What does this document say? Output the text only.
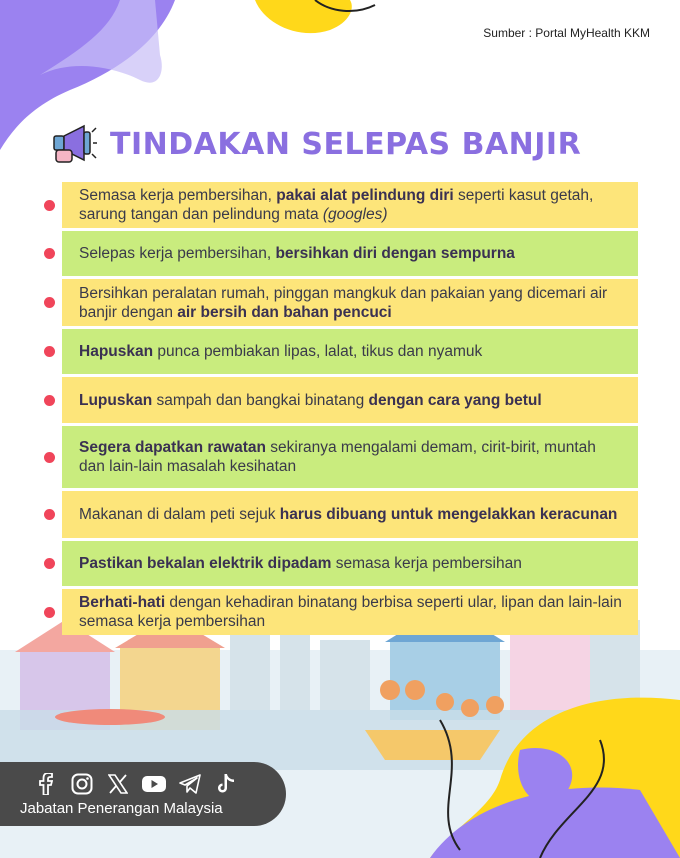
Sumber : Portal MyHealth KKM
TINDAKAN SELEPAS BANJIR
Semasa kerja pembersihan, pakai alat pelindung diri seperti kasut getah, sarung tangan dan pelindung mata (googles)
Selepas kerja pembersihan, bersihkan diri dengan sempurna
Bersihkan peralatan rumah, pinggan mangkuk dan pakaian yang dicemari air banjir dengan air bersih dan bahan pencuci
Hapuskan punca pembiakan lipas, lalat, tikus dan nyamuk
Lupuskan sampah dan bangkai binatang dengan cara yang betul
Segera dapatkan rawatan sekiranya mengalami demam, cirit-birit, muntah dan lain-lain masalah kesihatan
Makanan di dalam peti sejuk harus dibuang untuk mengelakkan keracunan
Pastikan bekalan elektrik dipadam semasa kerja pembersihan
Berhati-hati dengan kehadiran binatang berbisa seperti ular, lipan dan lain-lain semasa kerja pembersihan
Jabatan Penerangan Malaysia
